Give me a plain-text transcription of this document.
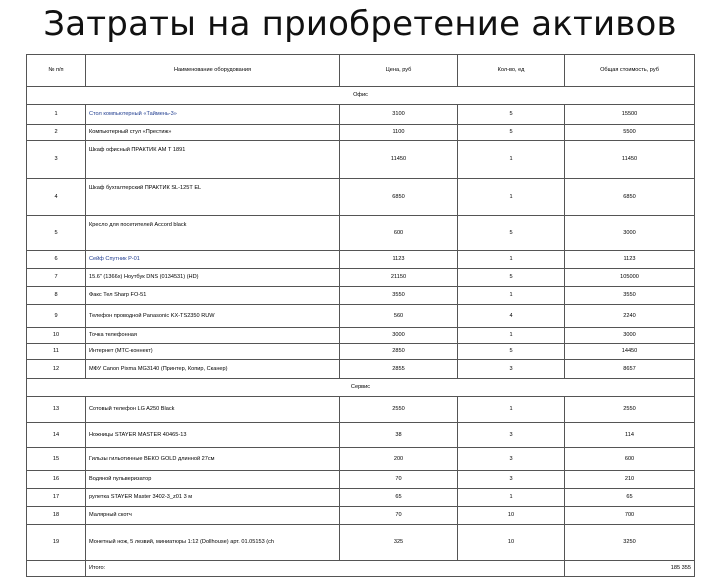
Затраты на приобретение активов
№ п/п	Наименование оборудования	Цена, руб	Кол-во, ед	Общая стоимость, руб
Офис				
1	Стол компьютерный «Таймень-3»	3100	5	15500
2	Компьютерный стул «Престиж»	1100	5	5500
3	Шкаф офисный ПРАКТИК AM Т 1891	11450	1	11450
4	Шкаф бухгалтерский ПРАКТИК SL-125Т EL	6850	1	6850
5	Кресло для посетителей Accord black	600	5	3000
6	Сейф Спутник Р-01	1123	1	1123
7	15.6" (1366x) Ноутбук DNS (0134531) (HD)	21150	5	105000
8	Факс Тел Sharp FO-51	3550	1	3550
9	Телефон проводной Panasonic KX-TS2350 RUW	560	4	2240
10	Точка телефонная	3000	1	3000
11	Интернет (МТС-коннект)	2850	5	14450
12	МФУ Canon Pixma MG3140 (Принтер, Копир, Сканер)	2855	3	8657
Сервис				
13	Сотовый телефон LG A250 Black	2550	1	2550
14	Ножницы STAYER MASTER 40465-13	38	3	114
15	Гильзы гильотинные ВЕКО GOLD длинной 27см	200	3	600
16	Водяной пульверизатор	70	3	210
17	рулетка STAYER Master 3402-3_z01 3 м	65	1	65
18	Малярный скотч	70	10	700
19	Монетный нож, 5 лезвий, миниатюры 1:12 (Dollhouse) арт. 01.05153 (ch	325	10	3250
	Итого:			185 355
